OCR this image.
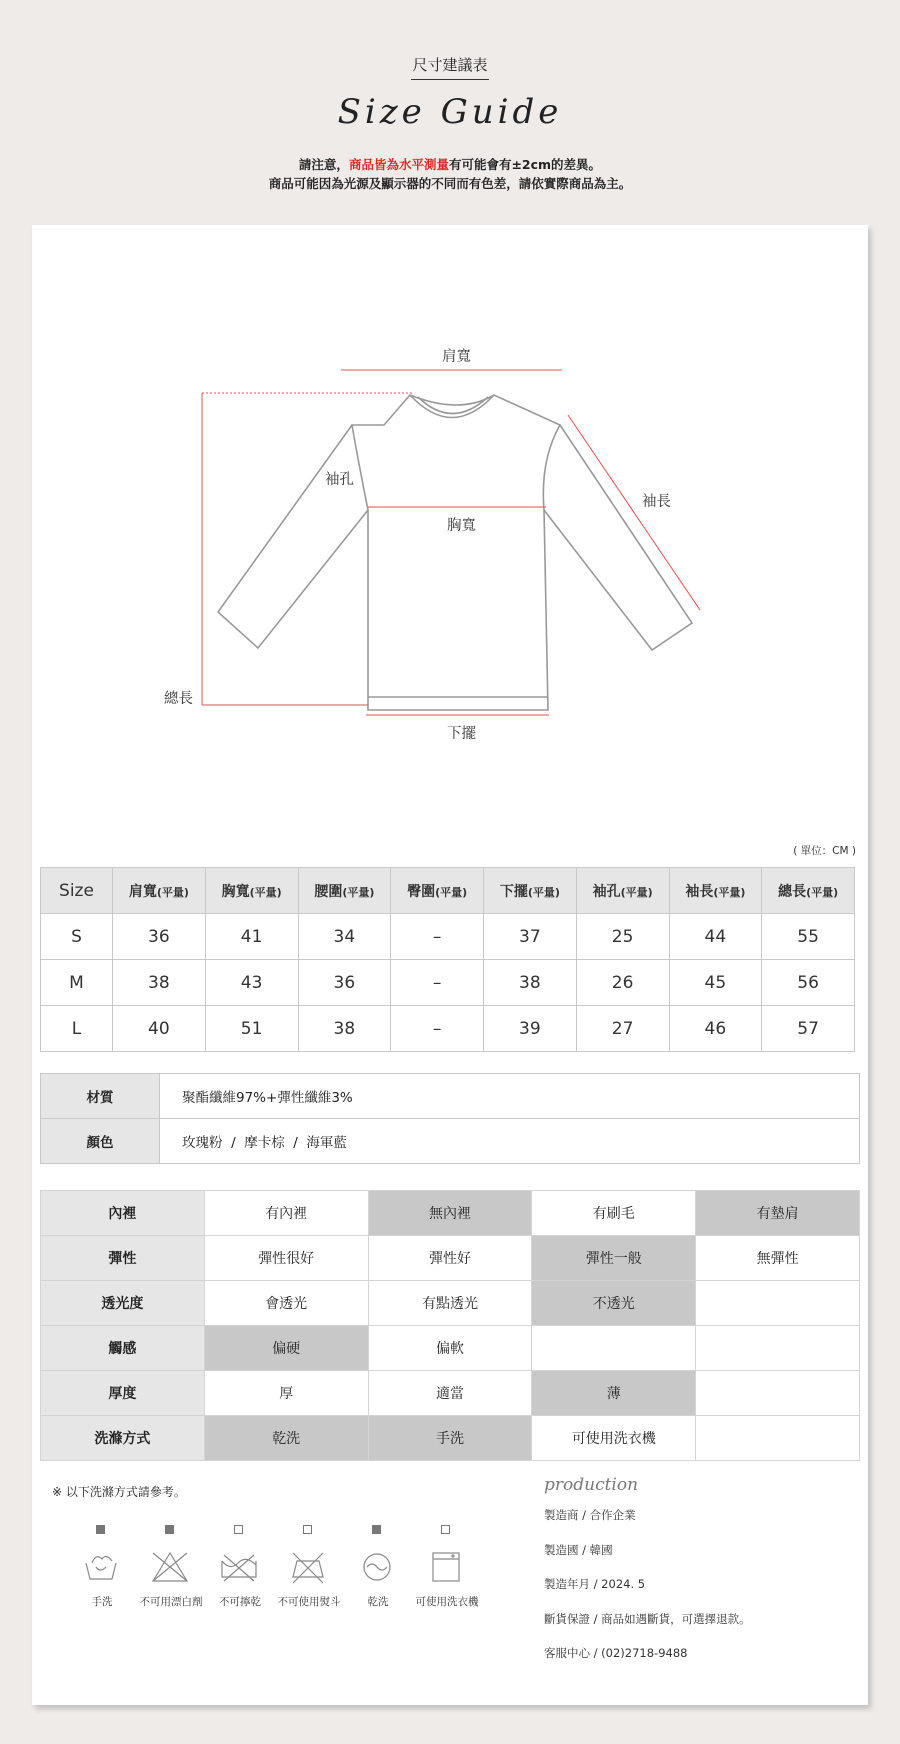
尺寸建議表
Size Guide
請注意，商品皆為水平測量有可能會有±2cm的差異。
商品可能因為光源及顯示器的不同而有色差，請依實際商品為主。
肩寬
袖孔
袖長
胸寬
總長
下擺
( 單位：CM )
Size	肩寬(平量)	胸寬(平量)	腰圍(平量)	臀圍(平量)	下擺(平量)	袖孔(平量)	袖長(平量)	總長(平量)
S	36	41	34	–	37	25	44	55
M	38	43	36	–	38	26	45	56
L	40	51	38	–	39	27	46	57
材質	聚酯纖維97%+彈性纖維3%
顏色	玫瑰粉  /  摩卡棕  /  海軍藍
內裡	有內裡	無內裡	有刷毛	有墊肩
彈性	彈性很好	彈性好	彈性一般	無彈性
透光度	會透光	有點透光	不透光	
觸感	偏硬	偏軟		
厚度	厚	適當	薄	
洗滌方式	乾洗	手洗	可使用洗衣機	
※ 以下洗滌方式請參考。
手洗	不可用漂白劑	不可擰乾	不可使用熨斗	乾洗	可使用洗衣機
production
製造商 / 合作企業
製造國 / 韓國
製造年月 / 2024. 5
斷貨保證 / 商品如遇斷貨，可選擇退款。
客服中心 / (02)2718-9488
